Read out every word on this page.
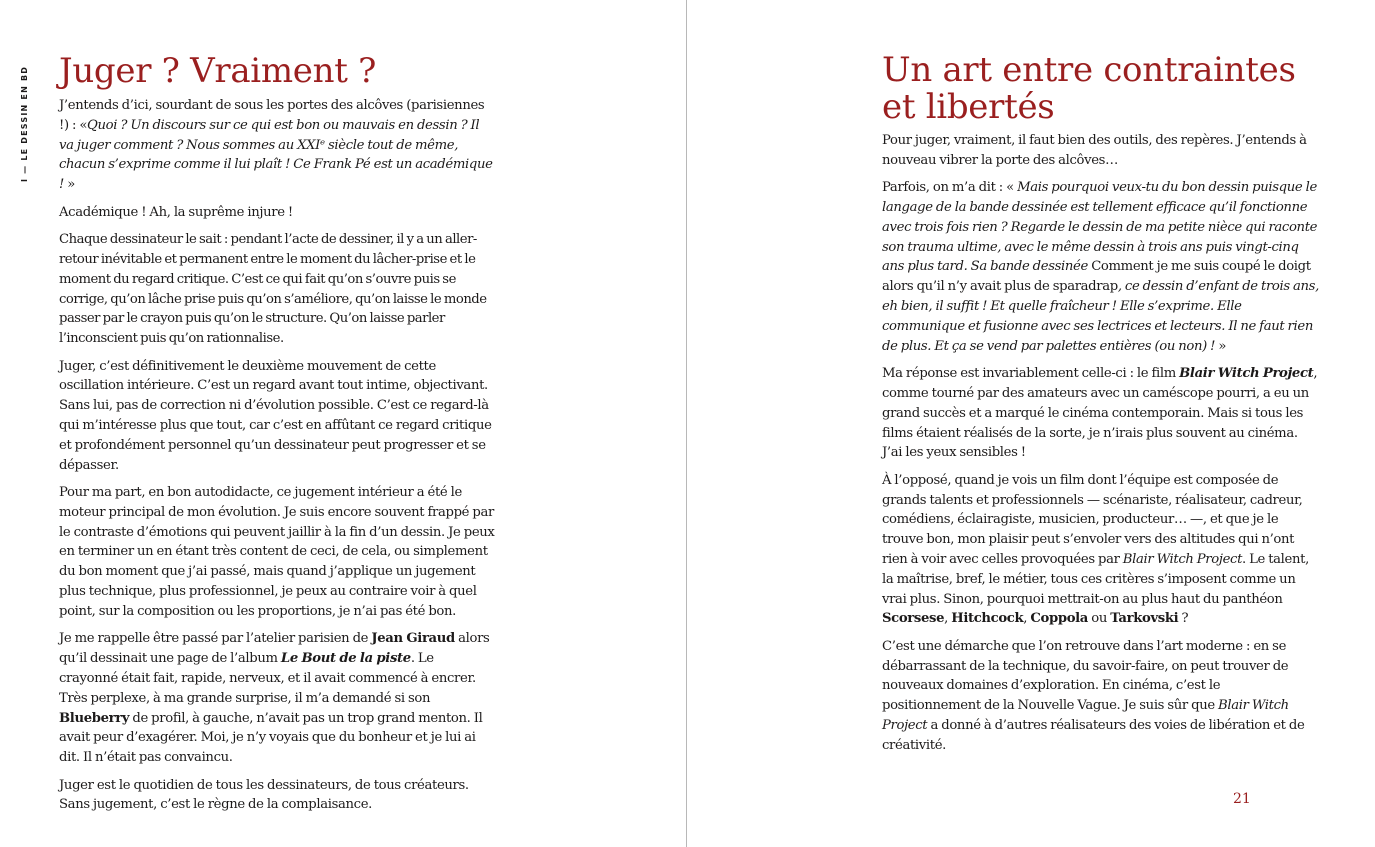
I — LE DESSIN EN BD Juger ? Vraiment ?

J’entends d’ici, sourdant de sous les portes des alcôves (parisiennes !) : «Quoi ? Un discours sur ce qui est bon ou mauvais en dessin ? Il va juger comment ? Nous sommes au XXIᵉ siècle tout de même, chacun s’exprime comme il lui plaît ! Ce Frank Pé est un académique ! »

Académique ! Ah, la suprême injure !

Chaque dessinateur le sait : pendant l’acte de dessiner, il y a un aller-retour inévitable et permanent entre le moment du lâcher-prise et le moment du regard critique. C’est ce qui fait qu’on s’ouvre puis se corrige, qu’on lâche prise puis qu’on s’améliore, qu’on laisse le monde passer par le crayon puis qu’on le structure. Qu’on laisse parler l’inconscient puis qu’on rationnalise.

Juger, c’est définitivement le deuxième mouvement de cette oscillation intérieure. C’est un regard avant tout intime, objectivant. Sans lui, pas de correction ni d’évolution possible. C’est ce regard-là qui m’intéresse plus que tout, car c’est en affûtant ce regard critique et profondément personnel qu’un dessinateur peut progresser et se dépasser.

Pour ma part, en bon autodidacte, ce jugement intérieur a été le moteur principal de mon évolution. Je suis encore souvent frappé par le contraste d’émotions qui peuvent jaillir à la fin d’un dessin. Je peux en terminer un en étant très content de ceci, de cela, ou simplement du bon moment que j’ai passé, mais quand j’applique un jugement plus technique, plus professionnel, je peux au contraire voir à quel point, sur la composition ou les proportions, je n’ai pas été bon.

Je me rappelle être passé par l’atelier parisien de Jean Giraud alors qu’il dessinait une page de l’album Le Bout de la piste. Le crayonné était fait, rapide, nerveux, et il avait commencé à encrer. Très perplexe, à ma grande surprise, il m’a demandé si son Blueberry de profil, à gauche, n’avait pas un trop grand menton. Il avait peur d’exagérer. Moi, je n’y voyais que du bonheur et je lui ai dit. Il n’était pas convaincu.

Juger est le quotidien de tous les dessinateurs, de tous créateurs. Sans jugement, c’est le règne de la complaisance.

Un art entre contraintes
et libertés

Pour juger, vraiment, il faut bien des outils, des repères. J’entends à nouveau vibrer la porte des alcôves…

Parfois, on m’a dit : « Mais pourquoi veux-tu du bon dessin puisque le langage de la bande dessinée est tellement efficace qu’il fonctionne avec trois fois rien ? Regarde le dessin de ma petite nièce qui raconte son trauma ultime, avec le même dessin à trois ans puis vingt-cinq ans plus tard. Sa bande dessinée Comment je me suis coupé le doigt alors qu’il n’y avait plus de sparadrap, ce dessin d’enfant de trois ans, eh bien, il suffit ! Et quelle fraîcheur ! Elle s’exprime. Elle communique et fusionne avec ses lectrices et lecteurs. Il ne faut rien de plus. Et ça se vend par palettes entières (ou non) ! »

Ma réponse est invariablement celle-ci : le film Blair Witch Project, comme tourné par des amateurs avec un caméscope pourri, a eu un grand succès et a marqué le cinéma contemporain. Mais si tous les films étaient réalisés de la sorte, je n’irais plus souvent au cinéma. J’ai les yeux sensibles !

À l’opposé, quand je vois un film dont l’équipe est composée de grands talents et professionnels — scénariste, réalisateur, cadreur, comédiens, éclairagiste, musicien, producteur… —, et que je le trouve bon, mon plaisir peut s’envoler vers des altitudes qui n’ont rien à voir avec celles provoquées par Blair Witch Project. Le talent, la maîtrise, bref, le métier, tous ces critères s’imposent comme un vrai plus. Sinon, pourquoi mettrait-on au plus haut du panthéon Scorsese, Hitchcock, Coppola ou Tarkovski ?

C’est une démarche que l’on retrouve dans l’art moderne : en se débarrassant de la technique, du savoir-faire, on peut trouver de nouveaux domaines d’exploration. En cinéma, c’est le positionnement de la Nouvelle Vague. Je suis sûr que Blair Witch Project a donné à d’autres réalisateurs des voies de libération et de créativité.

21
